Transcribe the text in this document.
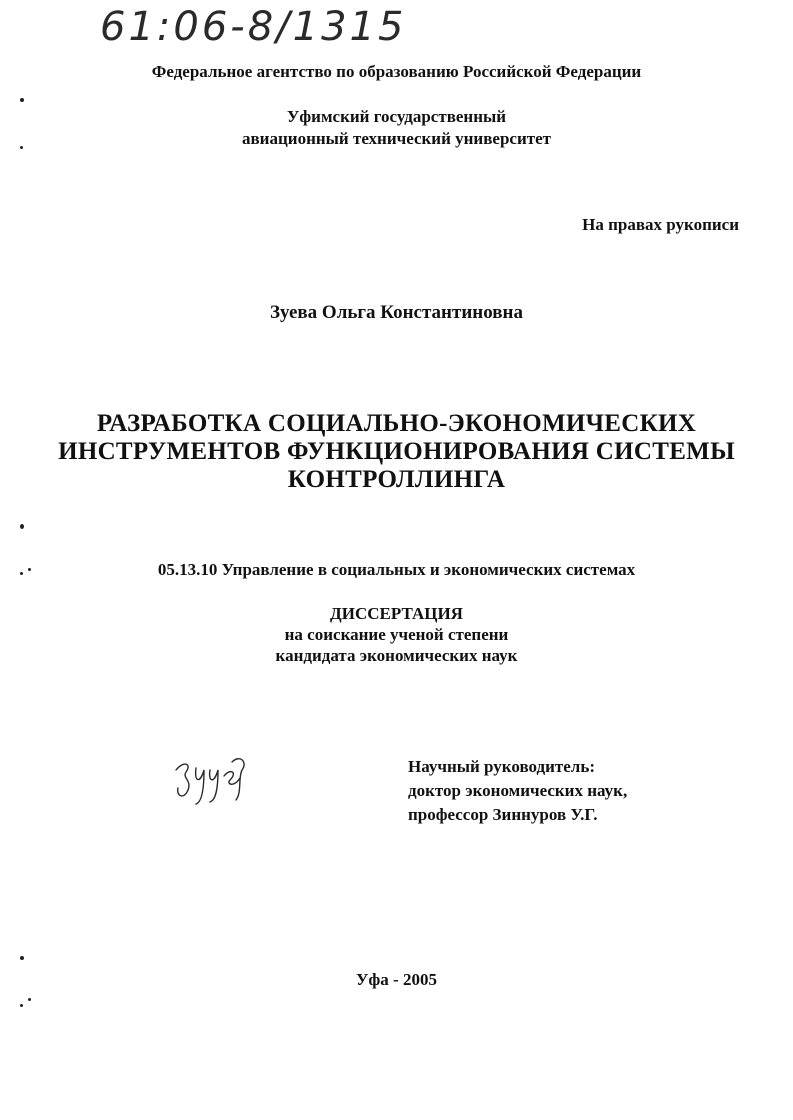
61:06-8/1315
Федеральное агентство по образованию Российской Федерации
Уфимский государственный
авиационный технический университет
На правах рукописи
Зуева Ольга Константиновна
РАЗРАБОТКА СОЦИАЛЬНО-ЭКОНОМИЧЕСКИХ
ИНСТРУМЕНТОВ ФУНКЦИОНИРОВАНИЯ СИСТЕМЫ
КОНТРОЛЛИНГА
05.13.10 Управление в социальных и экономических системах
ДИССЕРТАЦИЯ
на соискание ученой степени
кандидата экономических наук
Научный руководитель:
доктор экономических наук,
профессор Зиннуров У.Г.
Уфа - 2005
